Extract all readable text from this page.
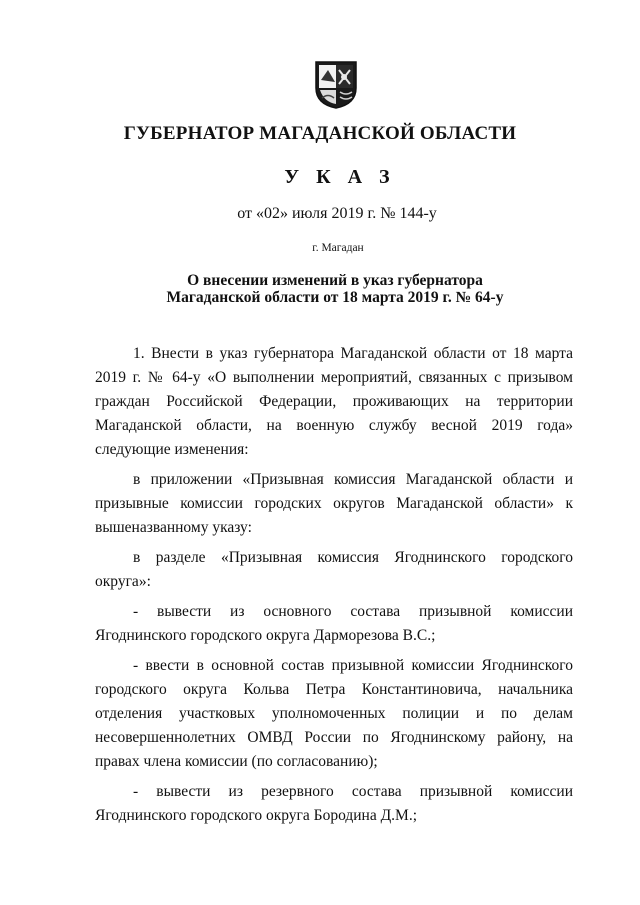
ГУБЕРНАТОР МАГАДАНСКОЙ ОБЛАСТИ
У К А З
от «02» июля 2019 г. № 144-у
г. Магадан
О внесении изменений в указ губернатора
Магаданской области от 18 марта 2019 г. № 64-у

1. Внести в указ губернатора Магаданской области от 18 марта 2019 г. № 64-у «О выполнении мероприятий, связанных с призывом граждан Российской Федерации, проживающих на территории Магаданской области, на военную службу весной 2019 года» следующие изменения:

в приложении «Призывная комиссия Магаданской области и призывные комиссии городских округов Магаданской области» к вышеназванному указу:

в разделе «Призывная комиссия Ягоднинского городского округа»:

- вывести из основного состава призывной комиссии Ягоднинского городского округа Дарморезова В.С.;

- ввести в основной состав призывной комиссии Ягоднинского городского округа Кольва Петра Константиновича, начальника отделения участковых уполномоченных полиции и по делам несовершеннолетних ОМВД России по Ягоднинскому району, на правах члена комиссии (по согласованию);

- вывести из резервного состава призывной комиссии Ягоднинского городского округа Бородина Д.М.;
